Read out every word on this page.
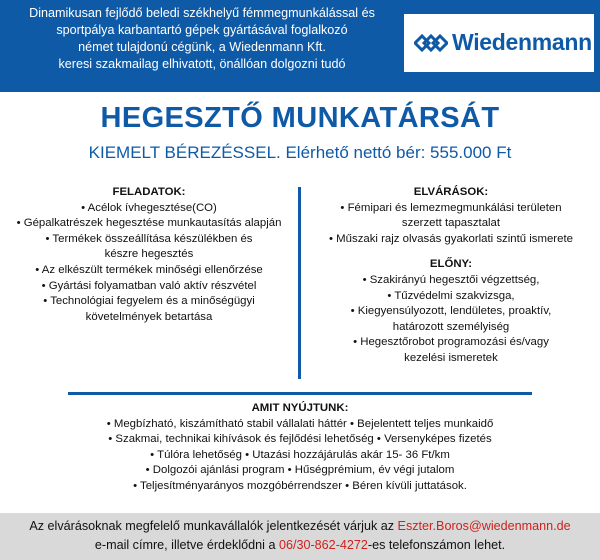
Dinamikusan fejlődő beledi székhelyű fémmegmunkálással és
sportpálya karbantartó gépek gyártásával foglalkozó
német tulajdonú cégünk, a Wiedenmann Kft.
keresi szakmailag elhivatott, önállóan dolgozni tudó
Wiedenmann
HEGESZTŐ MUNKATÁRSÁT
KIEMELT BÉREZÉSSEL. Elérhető nettó bér: 555.000 Ft
FELADATOK:
• Acélok ívhegesztése(CO)
• Gépalkatrészek hegesztése munkautasítás alapján
• Termékek összeállítása készülékben és
készre hegesztés
• Az elkészült termékek minőségi ellenőrzése
• Gyártási folyamatban való aktív részvétel
• Technológiai fegyelem és a minőségügyi
követelmények betartása
ELVÁRÁSOK:
• Fémipari és lemezmegmunkálási területen
szerzett tapasztalat
• Műszaki rajz olvasás gyakorlati szintű ismerete
ELŐNY:
• Szakirányú hegesztői végzettség,
• Tűzvédelmi szakvizsga,
• Kiegyensúlyozott, lendületes, proaktív,
határozott személyiség
• Hegesztőrobot programozási és/vagy
kezelési ismeretek
AMIT NYÚJTUNK:
• Megbízható, kiszámítható stabil vállalati háttér • Bejelentett teljes munkaidő
• Szakmai, technikai kihívások és fejlődési lehetőség • Versenyképes fizetés
• Túlóra lehetőség • Utazási hozzájárulás akár 15- 36 Ft/km
• Dolgozói ajánlási program • Hűségprémium, év végi jutalom
• Teljesítményarányos mozgóbérrendszer • Béren kívüli juttatások.
Az elvárásoknak megfelelő munkavállalók jelentkezését várjuk az Eszter.Boros@wiedenmann.de
e-mail címre, illetve érdeklődni a 06/30-862-4272-es telefonszámon lehet.
